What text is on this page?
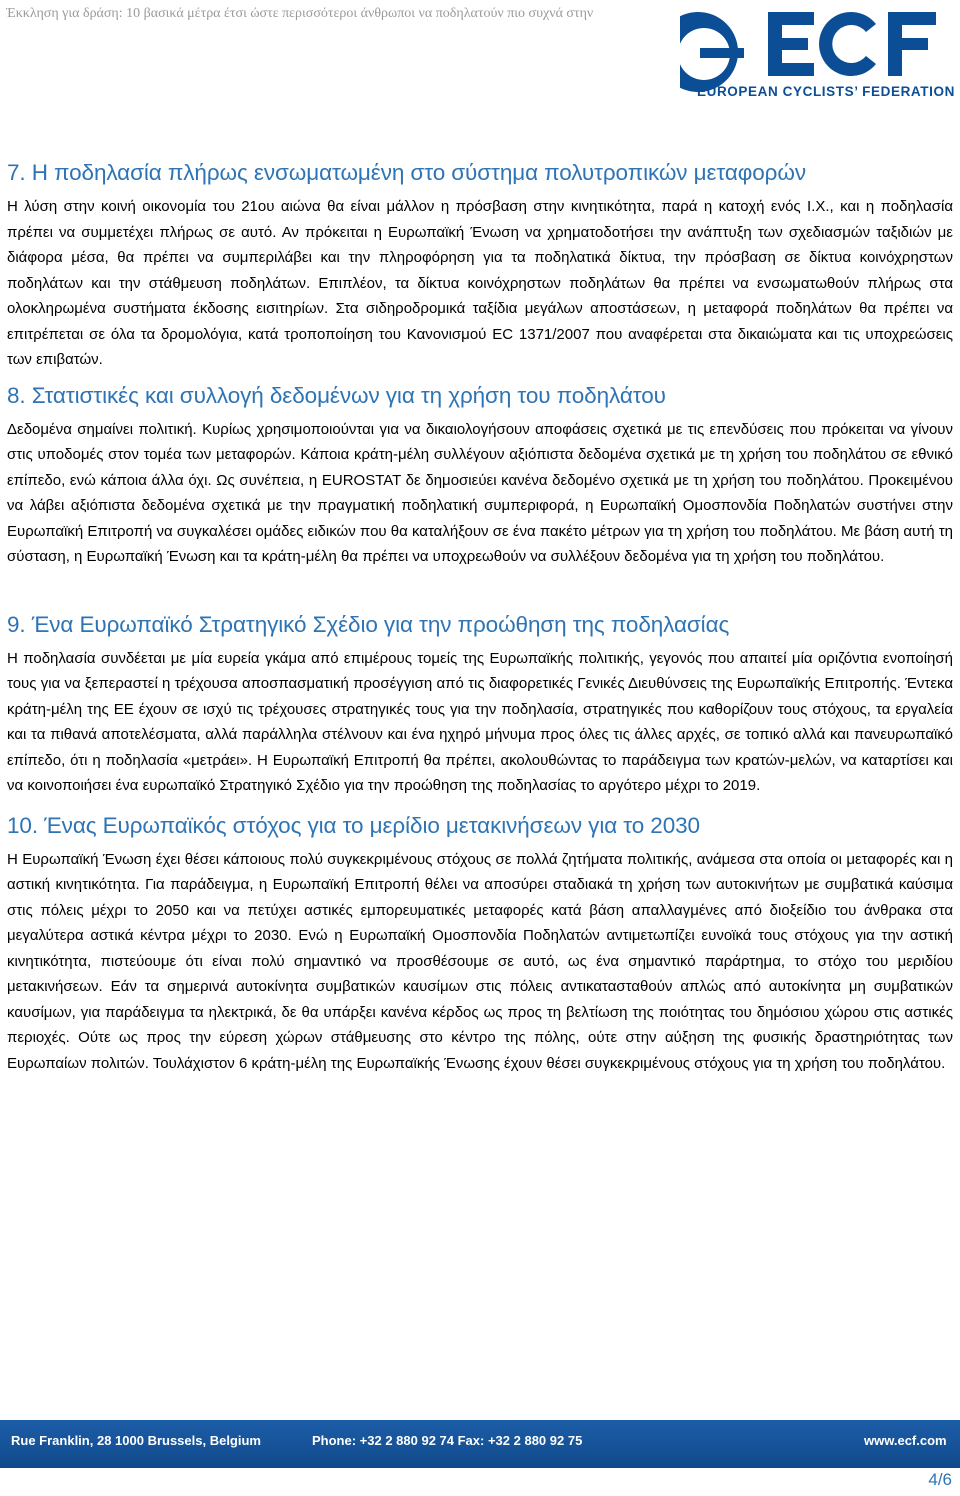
Έκκληση για δράση: 10 βασικά μέτρα έτσι ώστε περισσότεροι άνθρωποι να ποδηλατούν πιο συχνά στην
EUROPEAN CYCLISTS’ FEDERATION
7. Η ποδηλασία πλήρως ενσωματωμένη στο σύστημα πολυτροπικών μεταφορών

Η λύση στην κοινή οικονομία του 21ου αιώνα θα είναι μάλλον η πρόσβαση στην κινητικότητα, παρά η κατοχή ενός Ι.Χ., και η ποδηλασία πρέπει να συμμετέχει πλήρως σε αυτό. Αν πρόκειται η Ευρωπαϊκή Ένωση να χρηματοδοτήσει την ανάπτυξη των σχεδιασμών ταξιδιών με διάφορα μέσα, θα πρέπει να συμπεριλάβει και την πληροφόρηση για τα ποδηλατικά δίκτυα, την πρόσβαση σε δίκτυα κοινόχρηστων ποδηλάτων και την στάθμευση ποδηλάτων. Επιπλέον, τα δίκτυα κοινόχρηστων ποδηλάτων θα πρέπει να ενσωματωθούν πλήρως στα ολοκληρωμένα συστήματα έκδοσης εισιτηρίων. Στα σιδηροδρομικά ταξίδια μεγάλων αποστάσεων, η μεταφορά ποδηλάτων θα πρέπει να επιτρέπεται σε όλα τα δρομολόγια, κατά τροποποίηση του Κανονισμού EC 1371/2007 που αναφέρεται στα δικαιώματα και τις υποχρεώσεις των επιβατών.

8. Στατιστικές και συλλογή δεδομένων για τη χρήση του ποδηλάτου

Δεδομένα σημαίνει πολιτική. Κυρίως χρησιμοποιούνται για να δικαιολογήσουν αποφάσεις σχετικά με τις επενδύσεις που πρόκειται να γίνουν στις υποδομές στον τομέα των μεταφορών. Κάποια κράτη-μέλη συλλέγουν αξιόπιστα δεδομένα σχετικά με τη χρήση του ποδηλάτου σε εθνικό επίπεδο, ενώ κάποια άλλα όχι. Ως συνέπεια, η EUROSTAT δε δημοσιεύει κανένα δεδομένο σχετικά με τη χρήση του ποδηλάτου. Προκειμένου να λάβει αξιόπιστα δεδομένα σχετικά με την πραγματική ποδηλατική συμπεριφορά, η Ευρωπαϊκή Ομοσπονδία Ποδηλατών συστήνει στην Ευρωπαϊκή Επιτροπή να συγκαλέσει ομάδες ειδικών που θα καταλήξουν σε ένα πακέτο μέτρων για τη χρήση του ποδηλάτου. Με βάση αυτή τη σύσταση, η Ευρωπαϊκή Ένωση και τα κράτη-μέλη θα πρέπει να υποχρεωθούν να συλλέξουν δεδομένα για τη χρήση του ποδηλάτου.

9. Ένα Ευρωπαϊκό Στρατηγικό Σχέδιο για την προώθηση της ποδηλασίας

Η ποδηλασία συνδέεται με μία ευρεία γκάμα από επιμέρους τομείς της Ευρωπαϊκής πολιτικής, γεγονός που απαιτεί μία οριζόντια ενοποίησή τους για να ξεπεραστεί η τρέχουσα αποσπασματική προσέγγιση από τις διαφορετικές Γενικές Διευθύνσεις της Ευρωπαϊκής Επιτροπής. Έντεκα κράτη-μέλη της ΕΕ έχουν σε ισχύ τις τρέχουσες στρατηγικές τους για την ποδηλασία, στρατηγικές που καθορίζουν τους στόχους, τα εργαλεία και τα πιθανά αποτελέσματα, αλλά παράλληλα στέλνουν και ένα ηχηρό μήνυμα προς όλες τις άλλες αρχές, σε τοπικό αλλά και πανευρωπαϊκό επίπεδο, ότι η ποδηλασία «μετράει». Η Ευρωπαϊκή Επιτροπή θα πρέπει, ακολουθώντας το παράδειγμα των κρατών-μελών, να καταρτίσει και να κοινοποιήσει ένα ευρωπαϊκό Στρατηγικό Σχέδιο για την προώθηση της ποδηλασίας το αργότερο μέχρι το 2019.

10. Ένας Ευρωπαϊκός στόχος για το μερίδιο μετακινήσεων για το 2030

Η Ευρωπαϊκή Ένωση έχει θέσει κάποιους πολύ συγκεκριμένους στόχους σε πολλά ζητήματα πολιτικής, ανάμεσα στα οποία οι μεταφορές και η αστική κινητικότητα. Για παράδειγμα, η Ευρωπαϊκή Επιτροπή θέλει να αποσύρει σταδιακά τη χρήση των αυτοκινήτων με συμβατικά καύσιμα στις πόλεις μέχρι το 2050 και να πετύχει αστικές εμπορευματικές μεταφορές κατά βάση απαλλαγμένες από διοξείδιο του άνθρακα στα μεγαλύτερα αστικά κέντρα μέχρι το 2030. Ενώ η Ευρωπαϊκή Ομοσπονδία Ποδηλατών αντιμετωπίζει ευνοϊκά τους στόχους για την αστική κινητικότητα, πιστεύουμε ότι είναι πολύ σημαντικό να προσθέσουμε σε αυτό, ως ένα σημαντικό παράρτημα, το στόχο του μεριδίου μετακινήσεων. Εάν τα σημερινά αυτοκίνητα συμβατικών καυσίμων στις πόλεις αντικατασταθούν απλώς από αυτοκίνητα μη συμβατικών καυσίμων, για παράδειγμα τα ηλεκτρικά, δε θα υπάρξει κανένα κέρδος ως προς τη βελτίωση της ποιότητας του δημόσιου χώρου στις αστικές περιοχές. Ούτε ως προς την εύρεση χώρων στάθμευσης στο κέντρο της πόλης, ούτε στην αύξηση της φυσικής δραστηριότητας των Ευρωπαίων πολιτών. Τουλάχιστον 6 κράτη-μέλη της Ευρωπαϊκής Ένωσης έχουν θέσει συγκεκριμένους στόχους για τη χρήση του ποδηλάτου.

Rue Franklin, 28 1000 Brussels, Belgium	Phone: +32 2 880 92 74 Fax: +32 2 880 92 75	www.ecf.com
4/6
